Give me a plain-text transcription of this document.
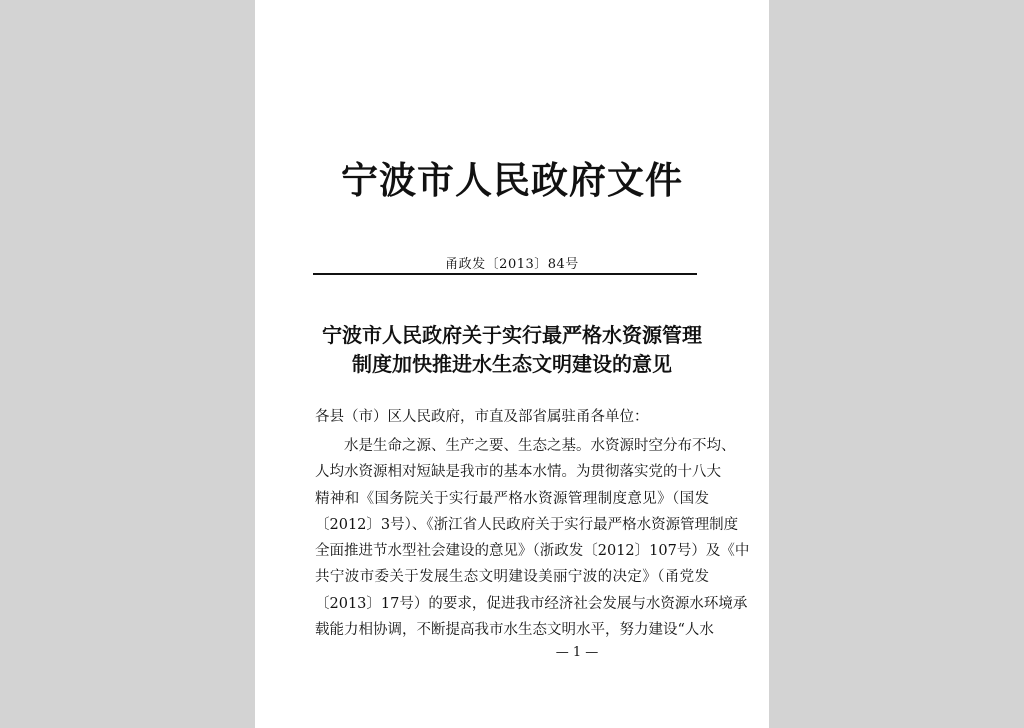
宁波市人民政府文件
甬政发〔2013〕84号
宁波市人民政府关于实行最严格水资源管理
制度加快推进水生态文明建设的意见
各县（市）区人民政府，市直及部省属驻甬各单位：
水是生命之源、生产之要、生态之基。水资源时空分布不均、
人均水资源相对短缺是我市的基本水情。为贯彻落实党的十八大
精神和《国务院关于实行最严格水资源管理制度意见》（国发
〔2012〕3号）、《浙江省人民政府关于实行最严格水资源管理制度
全面推进节水型社会建设的意见》（浙政发〔2012〕107号）及《中
共宁波市委关于发展生态文明建设美丽宁波的决定》（甬党发
〔2013〕17号）的要求，促进我市经济社会发展与水资源水环境承
载能力相协调，不断提高我市水生态文明水平，努力建设“人水
— 1 —
